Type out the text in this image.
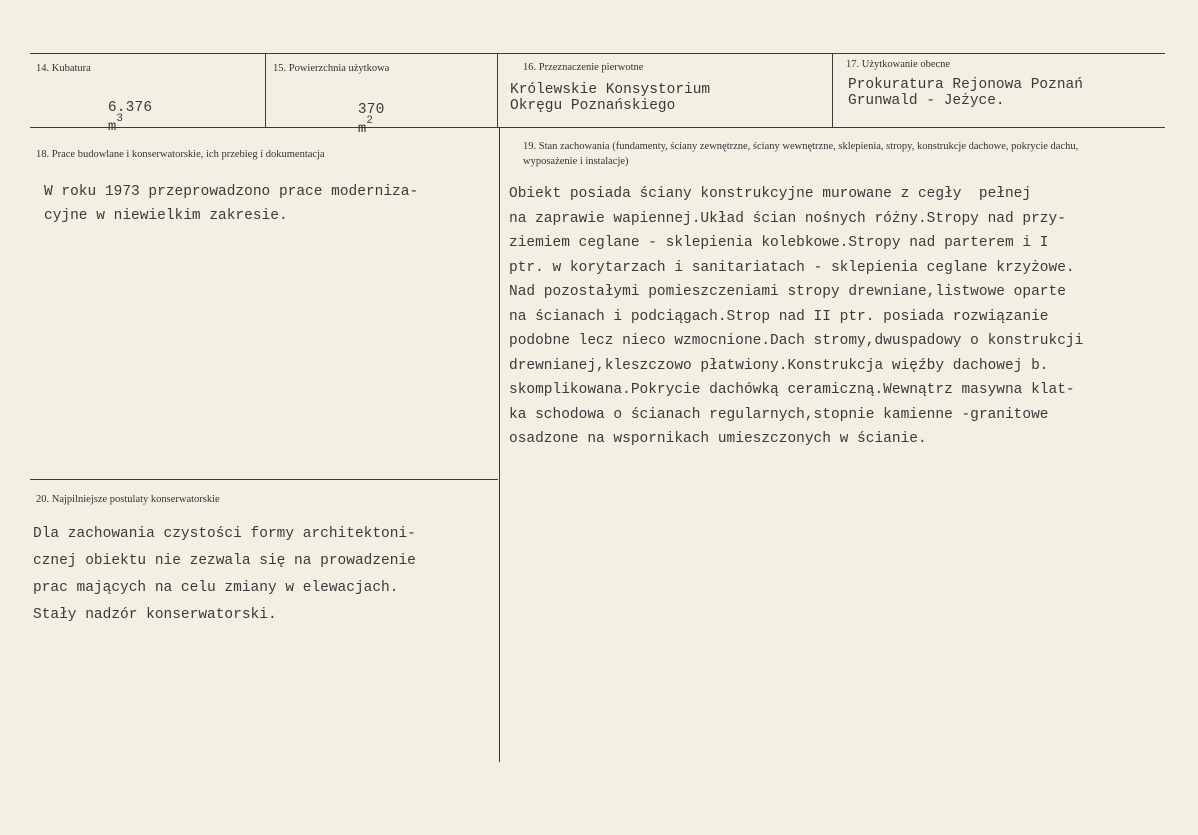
14. Kubatura

6.376
$m^3$

15. Powierzchnia użytkowa

370
$m^2$

16. Przeznaczenie pierwotne
Królewskie Konsystorium
Okręgu Poznańskiego
17. Użytkowanie obecne
Prokuratura Rejonowa Poznań
Grunwald - Jeżyce.
18. Prace budowlane i konserwatorskie, ich przebieg i dokumentacja
W roku 1973 przeprowadzono prace moderniza-
cyjne w niewielkim zakresie.
19. Stan zachowania (fundamenty, ściany zewnętrzne, ściany wewnętrzne, sklepienia, stropy, konstrukcje dachowe, pokrycie dachu, wyposażenie i instalacje)
Obiekt posiada ściany konstrukcyjne murowane z cegły  pełnej
na zaprawie wapiennej.Układ ścian nośnych różny.Stropy nad przy-
ziemiem ceglane - sklepienia kolebkowe.Stropy nad parterem i I
ptr. w korytarzach i sanitariatach - sklepienia ceglane krzyżowe.
Nad pozostałymi pomieszczeniami stropy drewniane,listwowe oparte
na ścianach i podciągach.Strop nad II ptr. posiada rozwiązanie
podobne lecz nieco wzmocnione.Dach stromy,dwuspadowy o konstrukcji
drewnianej,kleszczowo płatwiony.Konstrukcja więźby dachowej b.
skomplikowana.Pokrycie dachówką ceramiczną.Wewnątrz masywna klat-
ka schodowa o ścianach regularnych,stopnie kamienne -granitowe
osadzone na wspornikach umieszczonych w ścianie.
20. Najpilniejsze postulaty konserwatorskie
Dla zachowania czystości formy architektoni-
cznej obiektu nie zezwala się na prowadzenie
prac mających na celu zmiany w elewacjach.
Stały nadzór konserwatorski.
